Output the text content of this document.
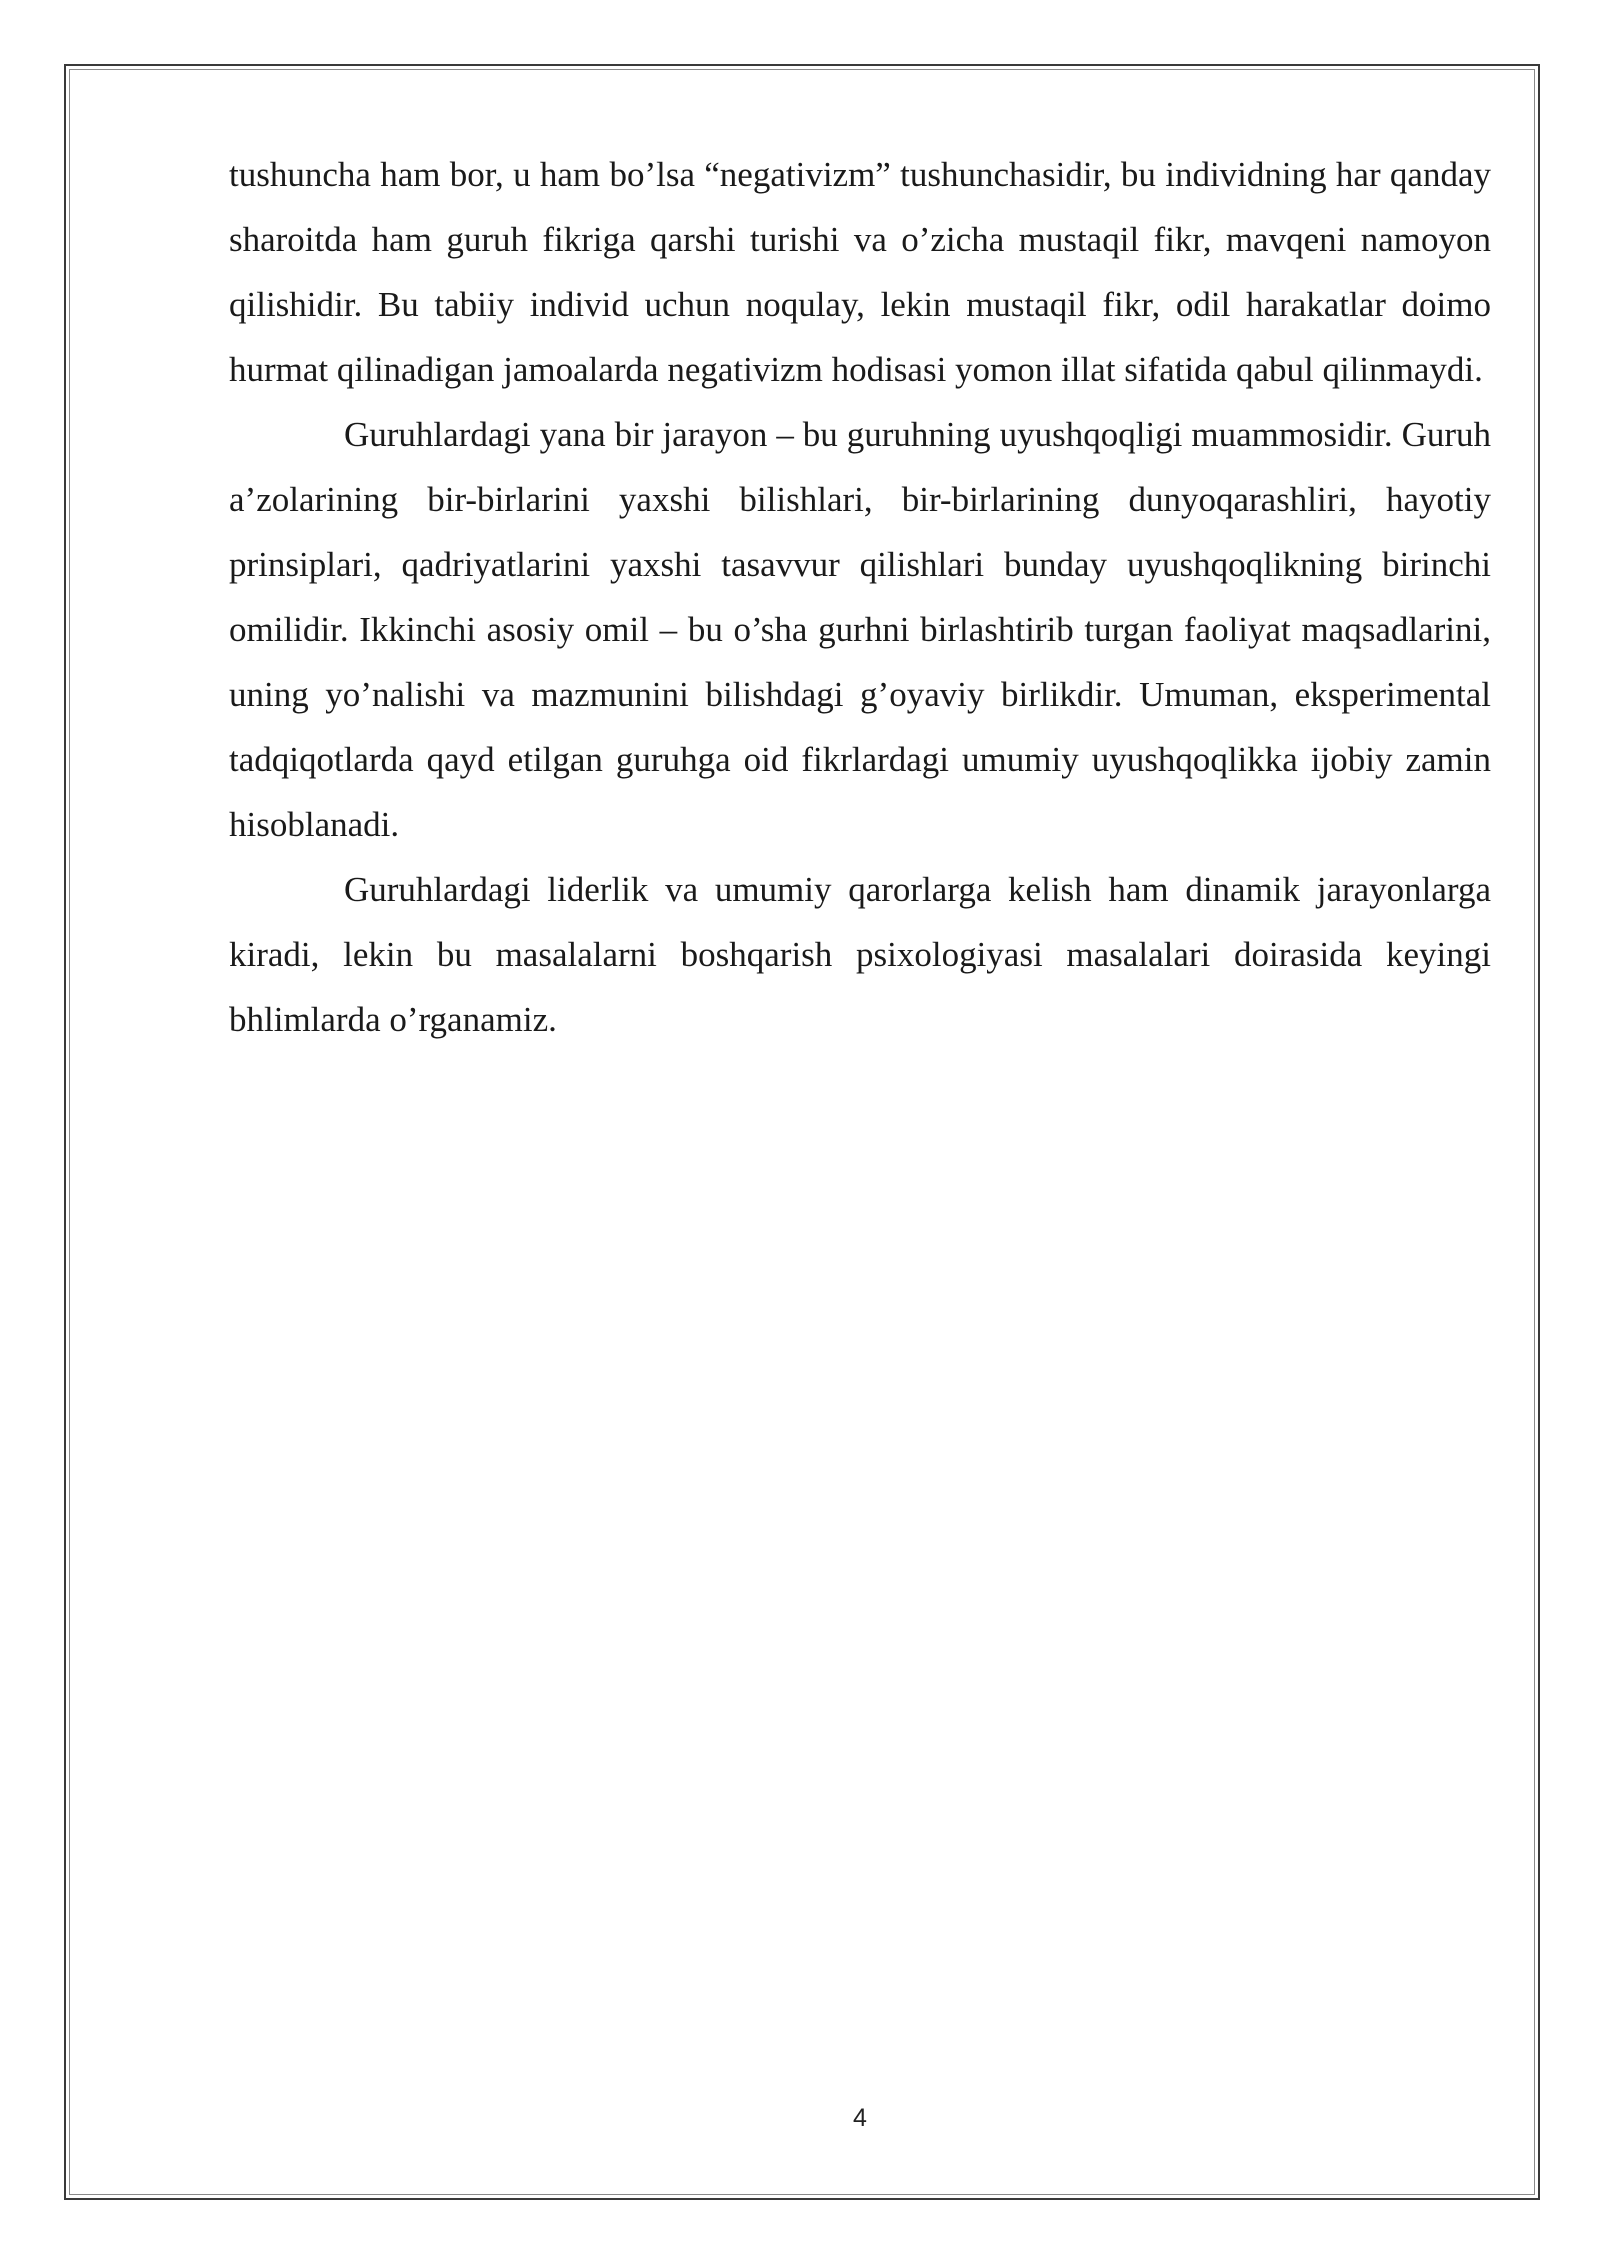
tushuncha ham bor, u ham bo’lsa “negativizm” tushunchasidir, bu individning har qanday sharoitda ham guruh fikriga qarshi turishi va o’zicha mustaqil fikr, mavqeni namoyon qilishidir. Bu tabiiy individ uchun noqulay, lekin mustaqil fikr, odil harakatlar doimo hurmat qilinadigan jamoalarda negativizm hodisasi yomon illat sifatida qabul qilinmaydi.

Guruhlardagi yana bir jarayon – bu guruhning uyushqoqligi muammosidir. Guruh a’zolarining bir-birlarini yaxshi bilishlari, bir-birlarining dunyoqarashliri, hayotiy prinsiplari, qadriyatlarini yaxshi tasavvur qilishlari bunday uyushqoqlikning birinchi omilidir. Ikkinchi asosiy omil – bu o’sha gurhni birlashtirib turgan faoliyat maqsadlarini, uning yo’nalishi va mazmunini bilishdagi g’oyaviy birlikdir. Umuman, eksperimental tadqiqotlarda qayd etilgan guruhga oid fikrlardagi umumiy uyushqoqlikka ijobiy zamin hisoblanadi.

Guruhlardagi liderlik va umumiy qarorlarga kelish ham dinamik jarayonlarga kiradi, lekin bu masalalarni boshqarish psixologiyasi masalalari doirasida keyingi bhlimlarda o’rganamiz.

4
